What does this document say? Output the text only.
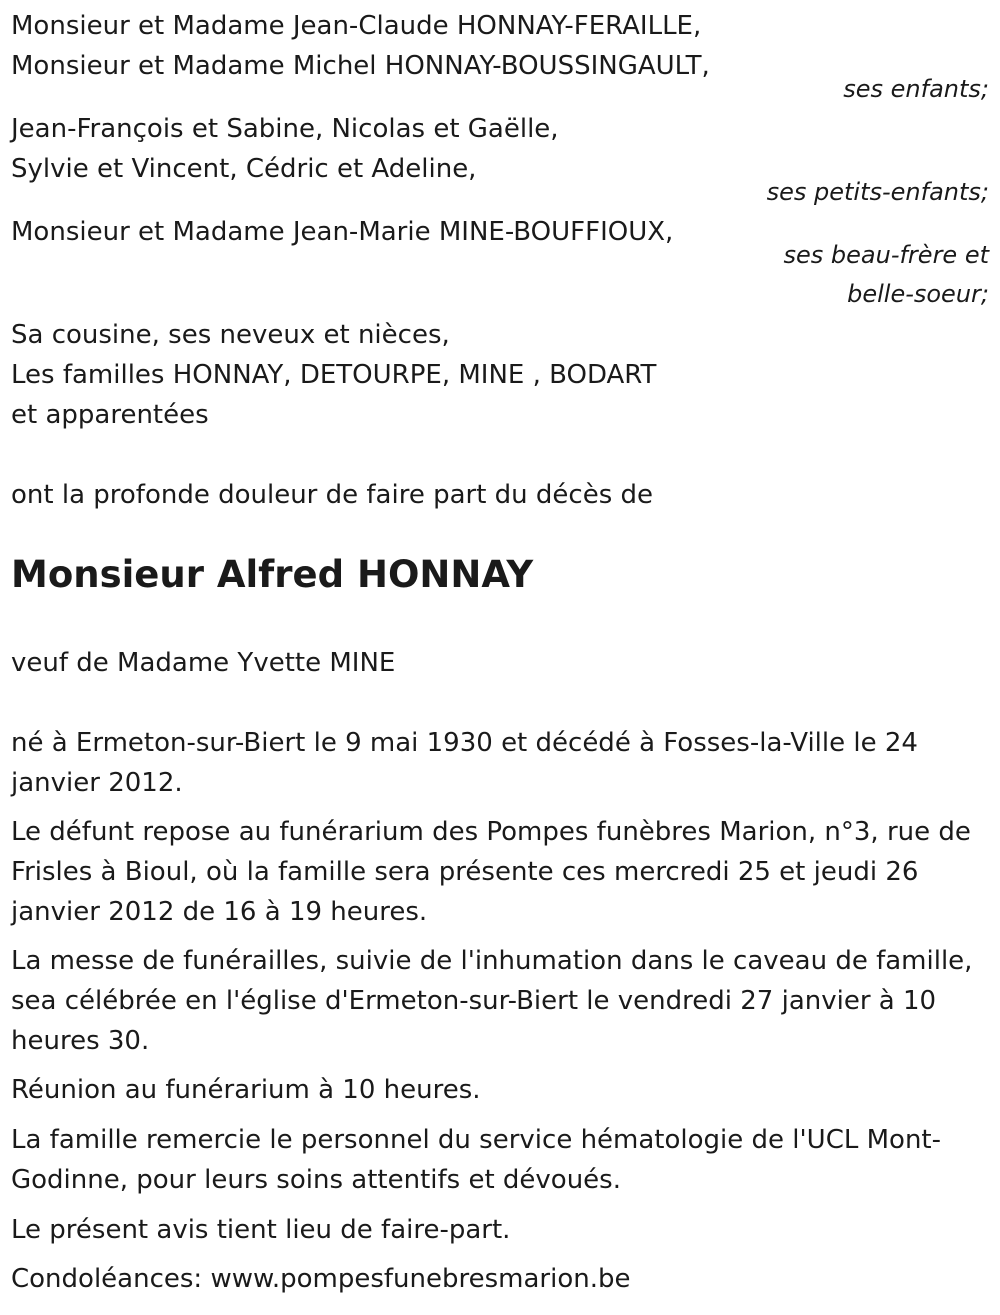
Monsieur et Madame Jean-Claude HONNAY-FERAILLE,
Monsieur et Madame Michel HONNAY-BOUSSINGAULT,
ses enfants;
Jean-François et Sabine, Nicolas et Gaëlle,
Sylvie et Vincent, Cédric et Adeline,
ses petits-enfants;
Monsieur et Madame Jean-Marie MINE-BOUFFIOUX,
ses beau-frère et
belle-soeur;
Sa cousine, ses neveux et nièces,
Les familles HONNAY, DETOURPE, MINE , BODART
et apparentées
ont la profonde douleur de faire part du décès de
Monsieur Alfred HONNAY
veuf de Madame Yvette MINE
né à Ermeton-sur-Biert le 9 mai 1930 et décédé à Fosses-la-Ville le 24 janvier 2012.
Le défunt repose au funérarium des Pompes funèbres Marion, n°3, rue de Frisles à Bioul, où la famille sera présente ces mercredi 25 et jeudi 26 janvier 2012 de 16 à 19 heures.
La messe de funérailles, suivie de l'inhumation dans le caveau de famille, sea célébrée en l'église d'Ermeton-sur-Biert le vendredi 27 janvier à 10 heures 30.
Réunion au funérarium à 10 heures.
La famille remercie le personnel du service hématologie de l'UCL Mont-Godinne, pour leurs soins attentifs et dévoués.
Le présent avis tient lieu de faire-part.
Condoléances: www.pompesfunebresmarion.be
